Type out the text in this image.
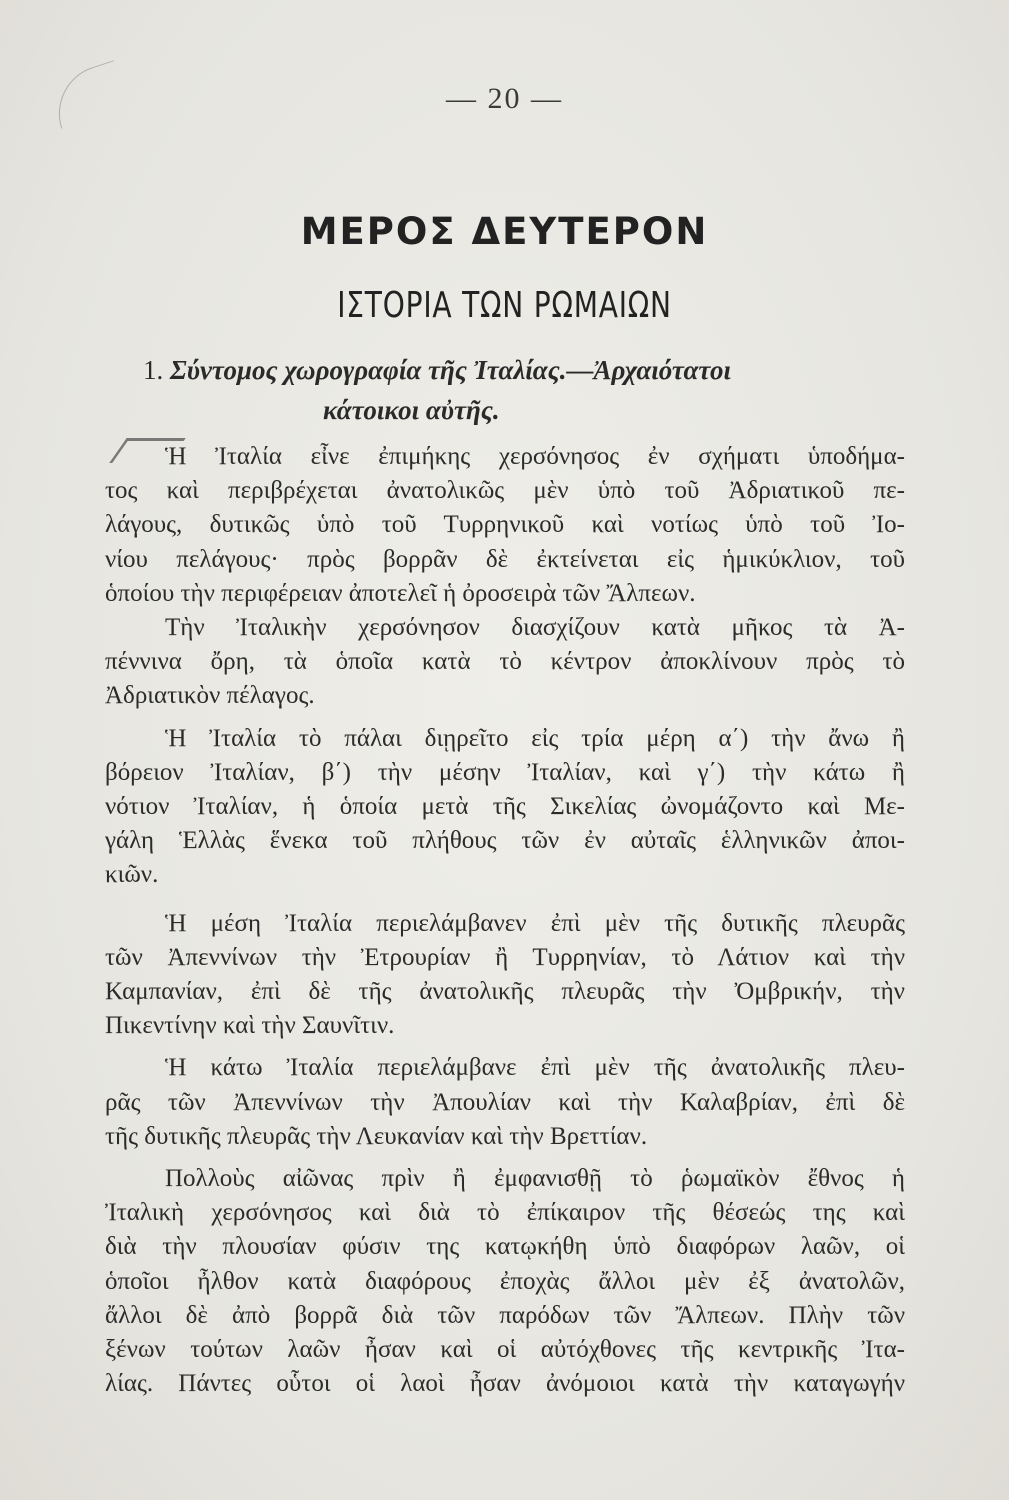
— 20 —
ΜΕΡΟΣ ΔΕΥΤΕΡΟΝ
ΙΣΤΟΡΙΑ ΤΩΝ ΡΩΜΑΙΩΝ
1. Σύντομος χωρογραφία τῆς Ἰταλίας.—Ἀρχαιότατοι
κάτοικοι αὐτῆς.
Ἡ Ἰταλία εἶνε ἐπιμήκης χερσόνησος ἐν σχήματι ὑποδήμα-
τος καὶ περιβρέχεται ἀνατολικῶς μὲν ὑπὸ τοῦ Ἀδριατικοῦ πε-
λάγους, δυτικῶς ὑπὸ τοῦ Τυρρηνικοῦ καὶ νοτίως ὑπὸ τοῦ Ἰο-
νίου πελάγους· πρὸς βορρᾶν δὲ ἐκτείνεται εἰς ἡμικύκλιον, τοῦ
ὁποίου τὴν περιφέρειαν ἀποτελεῖ ἡ ὀροσειρὰ τῶν Ἄλπεων.
Τὴν Ἰταλικὴν χερσόνησον διασχίζουν κατὰ μῆκος τὰ Ἀ-
πέννινα ὄρη, τὰ ὁποῖα κατὰ τὸ κέντρον ἀποκλίνουν πρὸς τὸ
Ἀδριατικὸν πέλαγος.
Ἡ Ἰταλία τὸ πάλαι διῃρεῖτο εἰς τρία μέρη α΄) τὴν ἄνω ἢ
βόρειον Ἰταλίαν, β΄) τὴν μέσην Ἰταλίαν, καὶ γ΄) τὴν κάτω ἢ
νότιον Ἰταλίαν, ἡ ὁποία μετὰ τῆς Σικελίας ὠνομάζοντο καὶ Με-
γάλη Ἑλλὰς ἕνεκα τοῦ πλήθους τῶν ἐν αὐταῖς ἑλληνικῶν ἀποι-
κιῶν.
Ἡ μέση Ἰταλία περιελάμβανεν ἐπὶ μὲν τῆς δυτικῆς πλευρᾶς
τῶν Ἀπεννίνων τὴν Ἐτρουρίαν ἢ Τυρρηνίαν, τὸ Λάτιον καὶ τὴν
Καμπανίαν, ἐπὶ δὲ τῆς ἀνατολικῆς πλευρᾶς τὴν Ὀμβρικήν, τὴν
Πικεντίνην καὶ τὴν Σαυνῖτιν.
Ἡ κάτω Ἰταλία περιελάμβανε ἐπὶ μὲν τῆς ἀνατολικῆς πλευ-
ρᾶς τῶν Ἀπεννίνων τὴν Ἀπουλίαν καὶ τὴν Καλαβρίαν, ἐπὶ δὲ
τῆς δυτικῆς πλευρᾶς τὴν Λευκανίαν καὶ τὴν Βρεττίαν.
Πολλοὺς αἰῶνας πρὶν ἢ ἐμφανισθῇ τὸ ῥωμαϊκὸν ἔθνος ἡ
Ἰταλικὴ χερσόνησος καὶ διὰ τὸ ἐπίκαιρον τῆς θέσεώς της καὶ
διὰ τὴν πλουσίαν φύσιν της κατῳκήθη ὑπὸ διαφόρων λαῶν, οἱ
ὁποῖοι ἦλθον κατὰ διαφόρους ἐποχὰς ἄλλοι μὲν ἐξ ἀνατολῶν,
ἄλλοι δὲ ἀπὸ βορρᾶ διὰ τῶν παρόδων τῶν Ἄλπεων. Πλὴν τῶν
ξένων τούτων λαῶν ἦσαν καὶ οἱ αὐτόχθονες τῆς κεντρικῆς Ἰτα-
λίας. Πάντες οὗτοι οἱ λαοὶ ἦσαν ἀνόμοιοι κατὰ τὴν καταγωγήν
